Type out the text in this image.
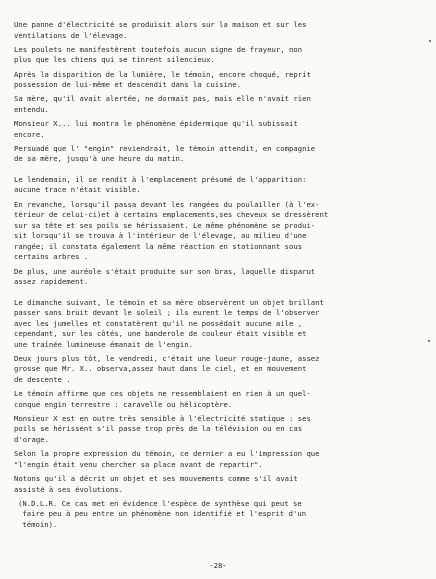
Une panne d'électricité se produisit alors sur la maison et sur les
ventilations de l'élevage.

Les poulets ne manifestèrent toutefois aucun signe de frayeur, non
plus que les chiens qui se tinrent silencieux.

Après la disparition de la lumière, le témoin, encore choqué, reprit
possession de lui-même et descendit dans la cuisine.

Sa mère, qu'il avait alertée, ne dormait pas, mais elle n'avait rien
entendu.

Monsieur X... lui montra le phénomène épidermique qu'il subissait
encore.

Persuadé que l' "engin" reviendrait, le témoin attendit, en compagnie
de sa mère, jusqu'à une heure du matin.

Le lendemain, il se rendit à l'emplacement présumé de l'apparition:
aucune trace n'était visible.

En revanche, lorsqu'il passa devant les rangées du poulailler (à l'ex-
térieur de celui-ci)et à certains emplacements,ses cheveux se dressèrent
sur sa tête et ses poils se hérissaient. Le même phénomène se produi-
sit lorsqu'il se trouva à l'intérieur de l'élevage, au milieu d'une
rangée; il constata également la même réaction en stationnant sous
certains arbres .

De plus, une auréole s'était produite sur son bras, laquelle disparut
assez rapidement.

Le dimanche suivant, le témoin et sa mère observèrent un objet brillant
passer sans bruit devant le soleil ; ils eurent le temps de l'observer
avec les jumelles et constatèrent qu'il ne possédait aucune aile ,
cependant, sur les côtés, une banderole de couleur était visible et
une traînée lumineuse émanait de l'engin.

Deux jours plus tôt, le vendredi, c'était une lueur rouge-jaune, assez
grosse que Mr. X.. observa,assez haut dans le ciel, et en mouvement
de descente .

Le témoin affirme que ces objets ne ressemblaient en rien à un quel-
conque engin terrestre : caravelle ou hélicoptère.

Monsieur X est en outre très sensible à l'électricité statique : ses
poils se hérissent s'il passe trop près de la télévision ou en cas
d'orage.

Selon la propre expression du témoin, ce dernier a eu l'impression que
"l'engin était venu chercher sa place avant de repartir".

Notons qu'il a décrit un objet et ses mouvements comme s'il avait
assisté à ses évolutions.

(N.D.L.R. Ce cas met en évidence l'espèce de synthèse qui peut se
faire peu à peu entre un phénomène non identifié et l'esprit d'un
témoin).

-28-
